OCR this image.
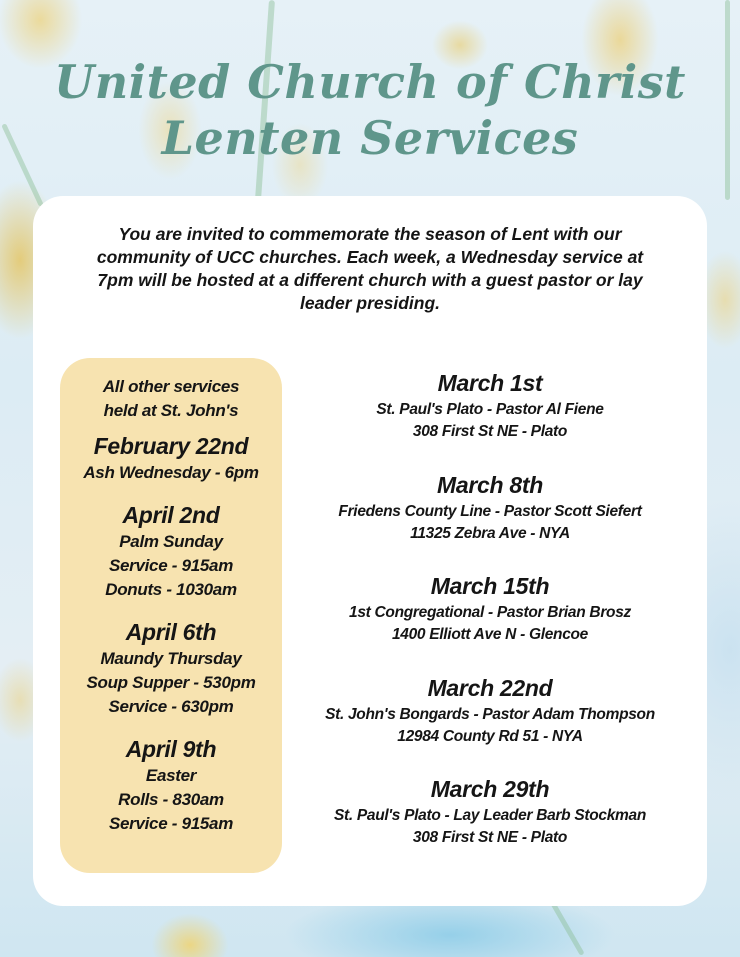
United Church of Christ
Lenten Services

You are invited to commemorate the season of Lent with our community of UCC churches. Each week, a Wednesday service at 7pm will be hosted at a different church with a guest pastor or lay leader presiding.

All other services
held at St. John's
February 22nd
Ash Wednesday - 6pm
April 2nd
Palm Sunday
Service - 915am
Donuts - 1030am
April 6th
Maundy Thursday
Soup Supper - 530pm
Service - 630pm
April 9th
Easter
Rolls - 830am
Service - 915am
March 1st
St. Paul's Plato - Pastor Al Fiene
308 First St NE - Plato
March 8th
Friedens County Line - Pastor Scott Siefert
11325 Zebra Ave - NYA
March 15th
1st Congregational - Pastor Brian Brosz
1400 Elliott Ave N - Glencoe
March 22nd
St. John's Bongards - Pastor Adam Thompson
12984 County Rd 51 - NYA
March 29th
St. Paul's Plato - Lay Leader Barb Stockman
308 First St NE - Plato
